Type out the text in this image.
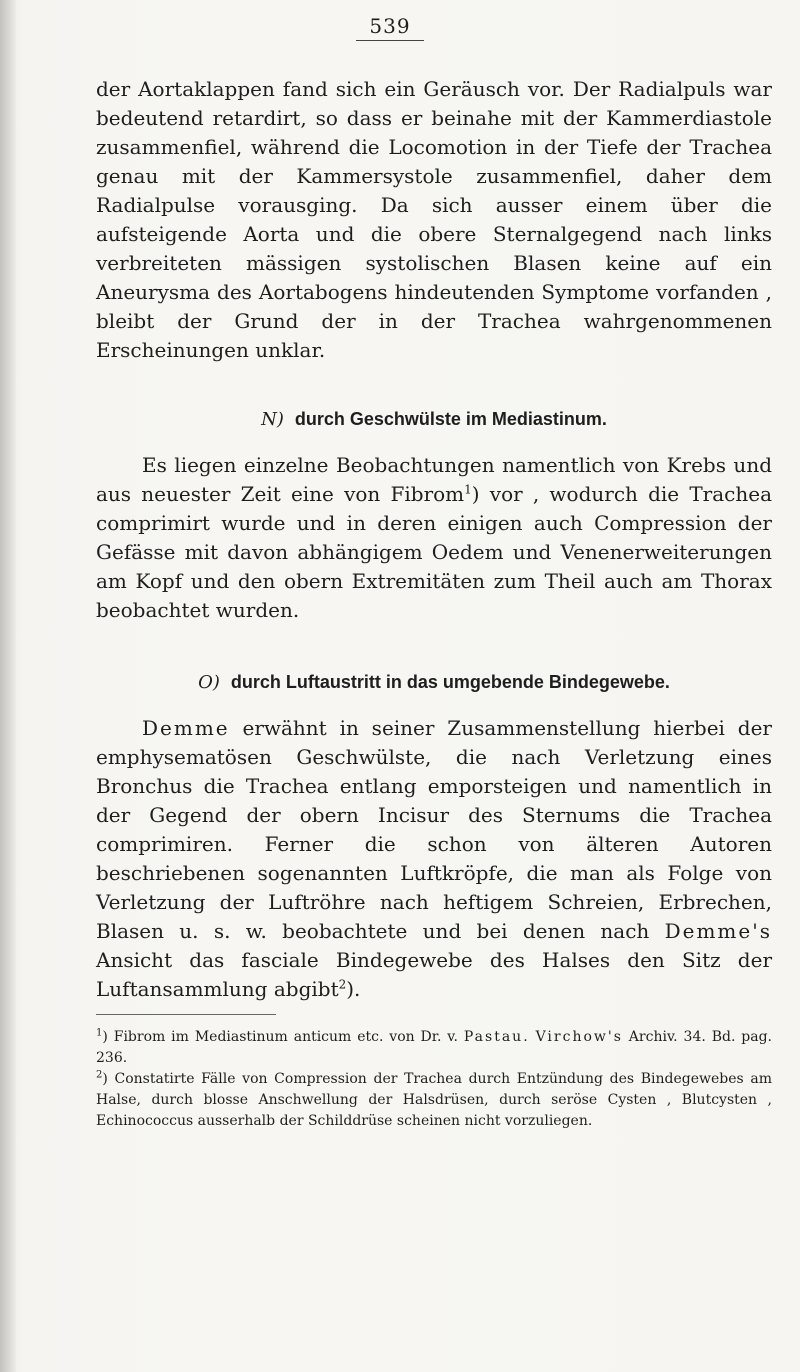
539

der Aortaklappen fand sich ein Geräusch vor. Der Radialpuls war bedeutend retardirt, so dass er beinahe mit der Kammerdiastole zusammenfiel, während die Locomotion in der Tiefe der Trachea genau mit der Kammersystole zusammenfiel, daher dem Radialpulse vorausging. Da sich ausser einem über die aufsteigende Aorta und die obere Sternalgegend nach links verbreiteten mässigen systolischen Blasen keine auf ein Aneurysma des Aortabogens hindeutenden Symptome vorfanden , bleibt der Grund der in der Trachea wahrgenommenen Erscheinungen unklar.

N) durch Geschwülste im Mediastinum.

Es liegen einzelne Beobachtungen namentlich von Krebs und aus neuester Zeit eine von Fibrom$^1$) vor , wodurch die Trachea comprimirt wurde und in deren einigen auch Compression der Gefässe mit davon abhängigem Oedem und Venenerweiterungen am Kopf und den obern Extremitäten zum Theil auch am Thorax beobachtet wurden.

O) durch Luftaustritt in das umgebende Bindegewebe.

Demme erwähnt in seiner Zusammenstellung hierbei der emphysematösen Geschwülste, die nach Verletzung eines Bronchus die Trachea entlang emporsteigen und namentlich in der Gegend der obern Incisur des Sternums die Trachea comprimiren. Ferner die schon von älteren Autoren beschriebenen sogenannten Luftkröpfe, die man als Folge von Verletzung der Luftröhre nach heftigem Schreien, Erbrechen, Blasen u. s. w. beobachtete und bei denen nach Demme's Ansicht das fasciale Bindegewebe des Halses den Sitz der Luftansammlung abgibt$^2$).

$^1$) Fibrom im Mediastinum anticum etc. von Dr. v. Pastau. Virchow's Archiv. 34. Bd. pag. 236.

$^2$) Constatirte Fälle von Compression der Trachea durch Entzündung des Bindegewebes am Halse, durch blosse Anschwellung der Halsdrüsen, durch seröse Cysten , Blutcysten , Echinococcus ausserhalb der Schilddrüse scheinen nicht vorzuliegen.
